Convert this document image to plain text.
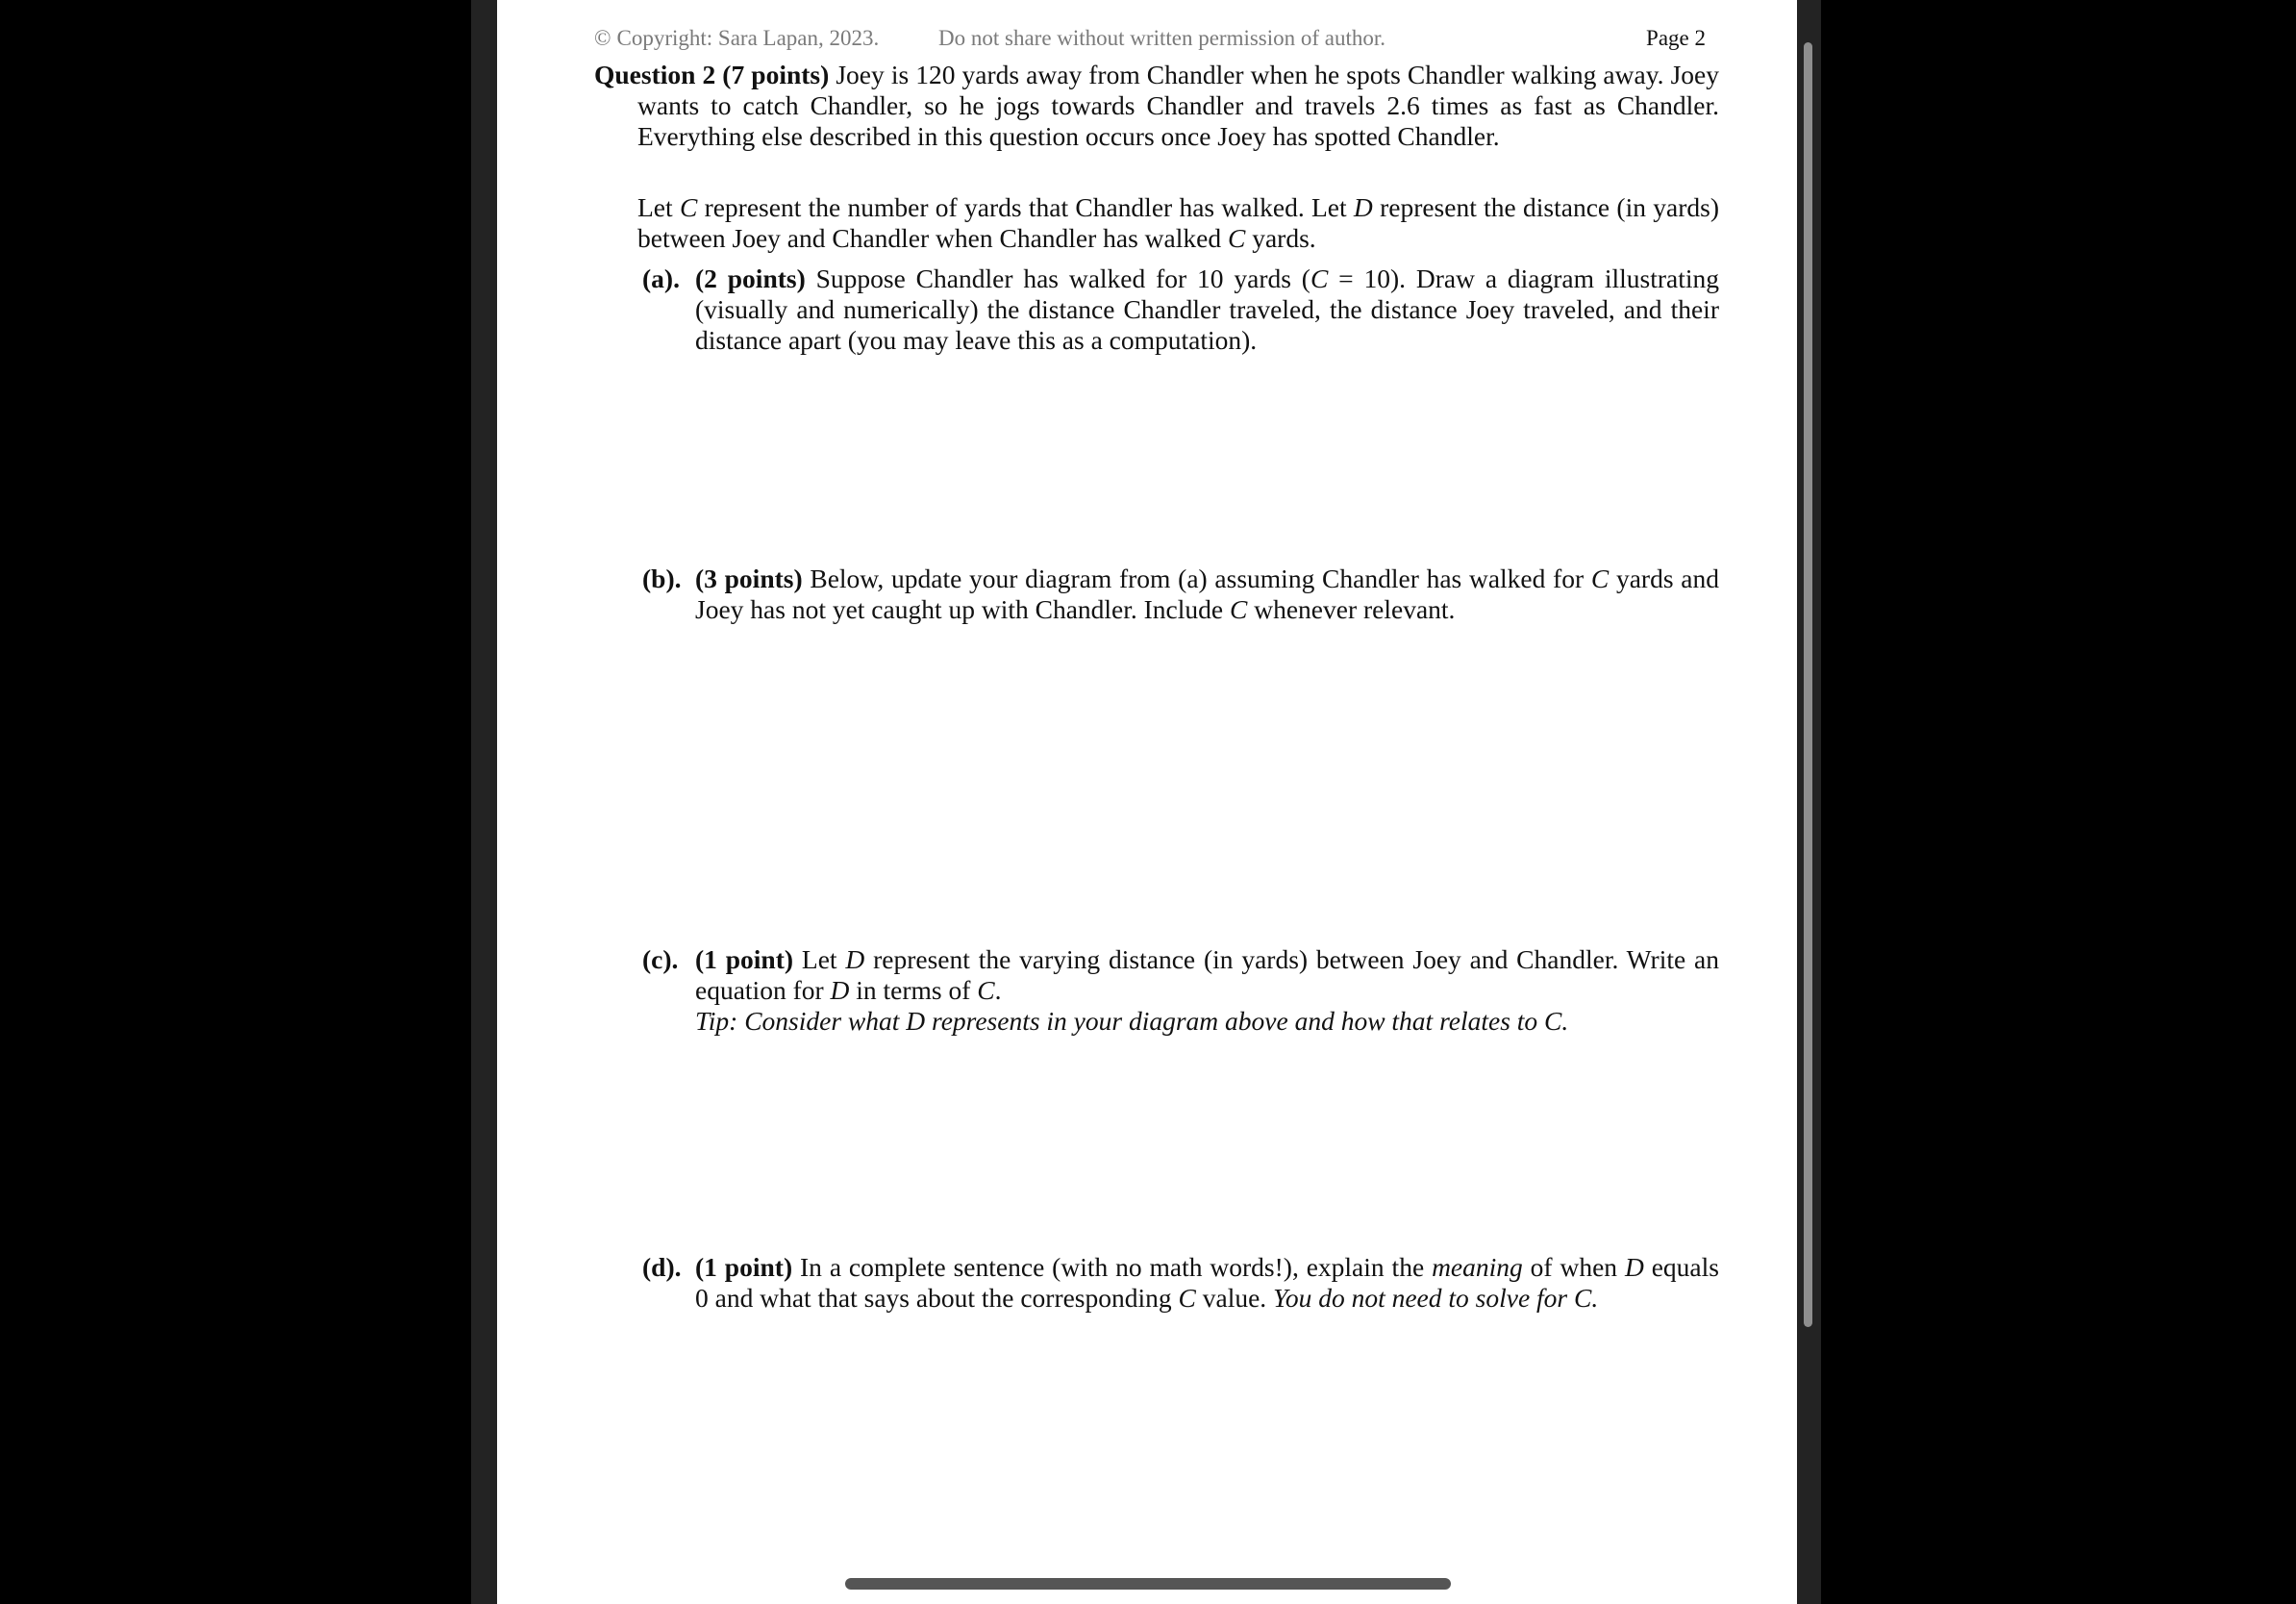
© Copyright: Sara Lapan, 2023.	Do not share without written permission of author.	Page 2
Question 2 (7 points) Joey is 120 yards away from Chandler when he spots Chandler walking away. Joey wants to catch Chandler, so he jogs towards Chandler and travels 2.6 times as fast as Chandler. Everything else described in this question occurs once Joey has spotted Chandler.
Let C represent the number of yards that Chandler has walked. Let D represent the distance (in yards) between Joey and Chandler when Chandler has walked C yards.
(a). (2 points) Suppose Chandler has walked for 10 yards (C = 10). Draw a diagram illustrating (visually and numerically) the distance Chandler traveled, the distance Joey traveled, and their distance apart (you may leave this as a computation).
(b). (3 points) Below, update your diagram from (a) assuming Chandler has walked for C yards and Joey has not yet caught up with Chandler. Include C whenever relevant.
(c). (1 point) Let D represent the varying distance (in yards) between Joey and Chandler. Write an equation for D in terms of C.
Tip: Consider what D represents in your diagram above and how that relates to C.
(d). (1 point) In a complete sentence (with no math words!), explain the meaning of when D equals 0 and what that says about the corresponding C value. You do not need to solve for C.
